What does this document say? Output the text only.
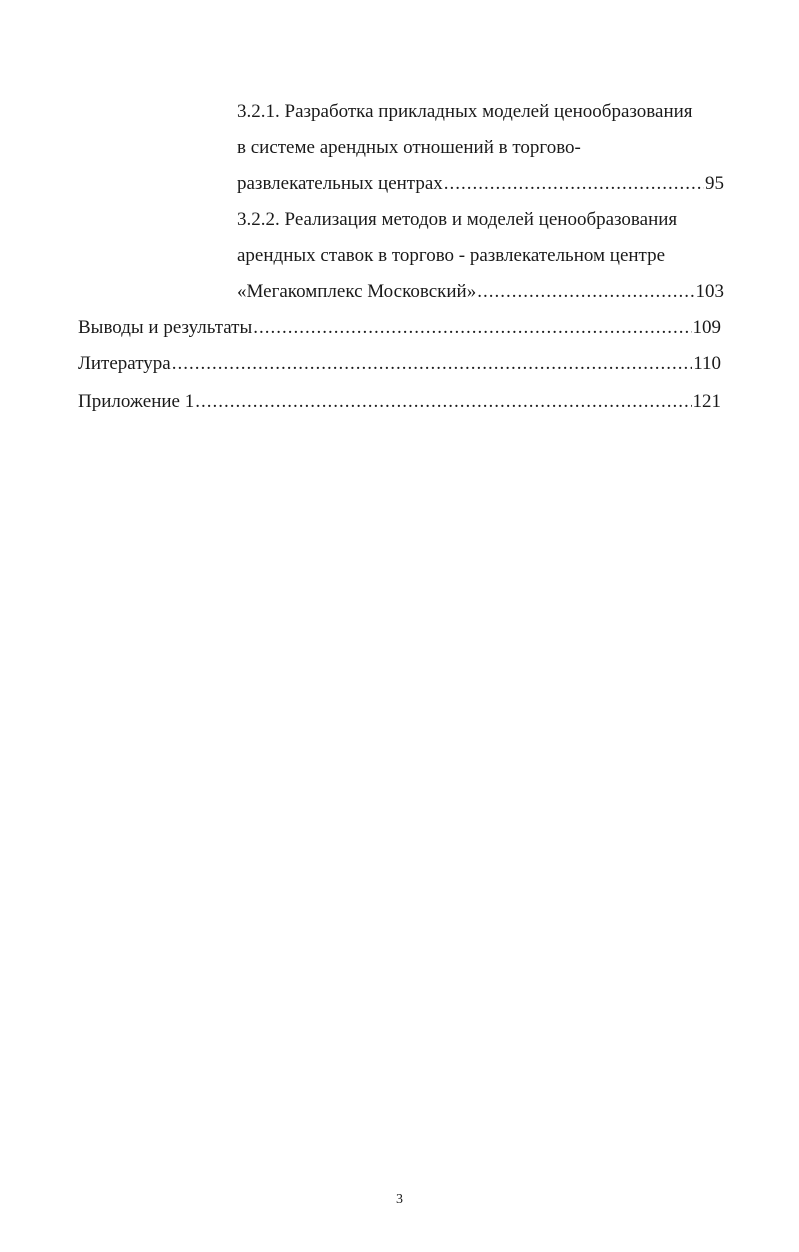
3.2.1. Разработка прикладных моделей ценообразования
в системе арендных отношений в торгово-
развлекательных центрах .....	95
3.2.2. Реализация методов и моделей ценообразования
арендных ставок в торгово - развлекательном центре
«Мегакомплекс Московский» .....	103
Выводы и результаты .....	109
Литература .....	110
Приложение 1 .....	121
3
